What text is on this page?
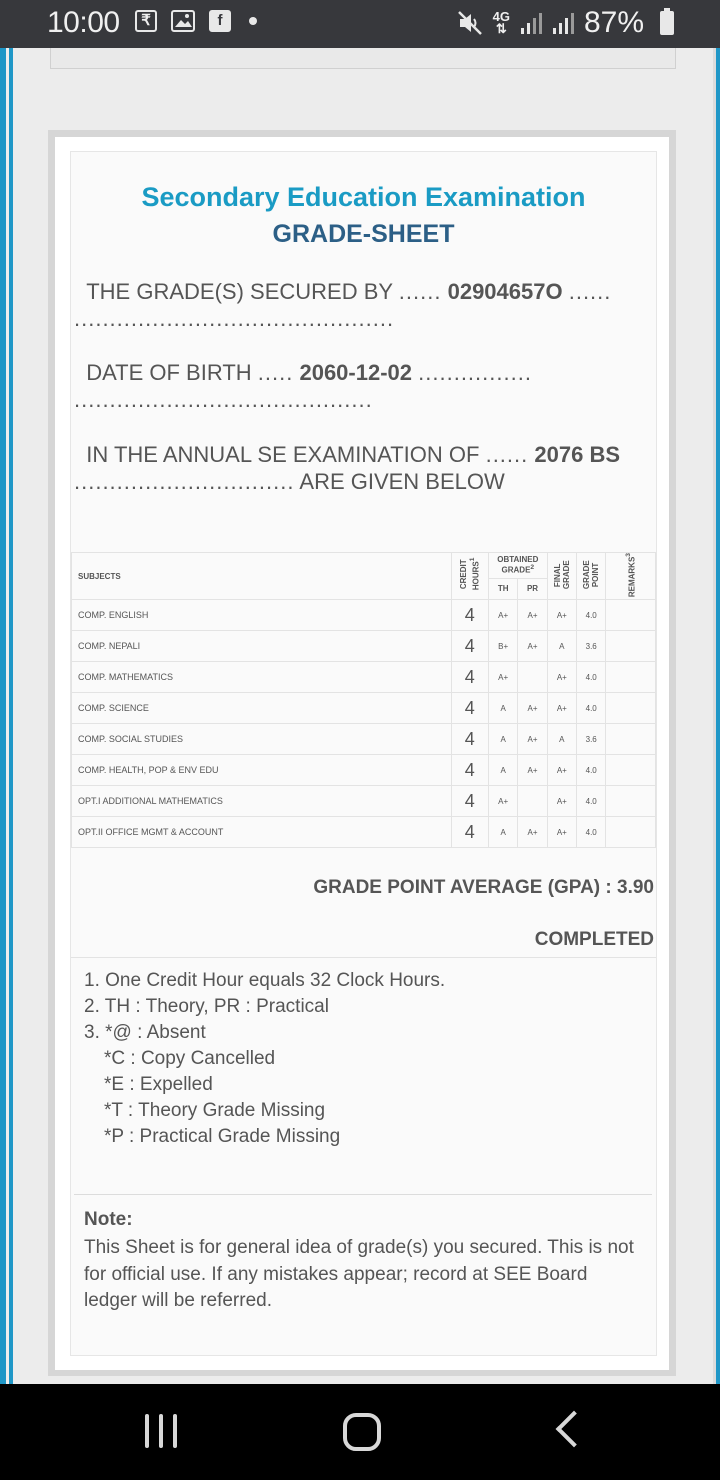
10:00	₹	f	4G
⇅	87%
Secondary Education Examination
GRADE-SHEET
THE GRADE(S) SECURED BY ...... 02904657O ......
.............................................
DATE OF BIRTH ..... 2060-12-02 ................
..........................................
IN THE ANNUAL SE EXAMINATION OF ...... 2076 BS
............................... ARE GIVEN BELOW
SUBJECTS	CREDIT HOURS$^1$	OBTAINED GRADE$^2$		FINAL GRADE	GRADE POINT	REMARKS$^3$
		TH	PR			
COMP. ENGLISH	4	A+	A+	A+	4.0	
COMP. NEPALI	4	B+	A+	A	3.6	
COMP. MATHEMATICS	4	A+		A+	4.0	
COMP. SCIENCE	4	A	A+	A+	4.0	
COMP. SOCIAL STUDIES	4	A	A+	A	3.6	
COMP. HEALTH, POP & ENV EDU	4	A	A+	A+	4.0	
OPT.I ADDITIONAL MATHEMATICS	4	A+		A+	4.0	
OPT.II OFFICE MGMT & ACCOUNT	4	A	A+	A+	4.0	
GRADE POINT AVERAGE (GPA) : 3.90
COMPLETED
1. One Credit Hour equals 32 Clock Hours.
2. TH : Theory, PR : Practical
3. *@ : Absent
*C : Copy Cancelled
*E : Expelled
*T : Theory Grade Missing
*P : Practical Grade Missing
Note:
This Sheet is for general idea of grade(s) you secured. This is not for official use. If any mistakes appear; record at SEE Board ledger will be referred.
